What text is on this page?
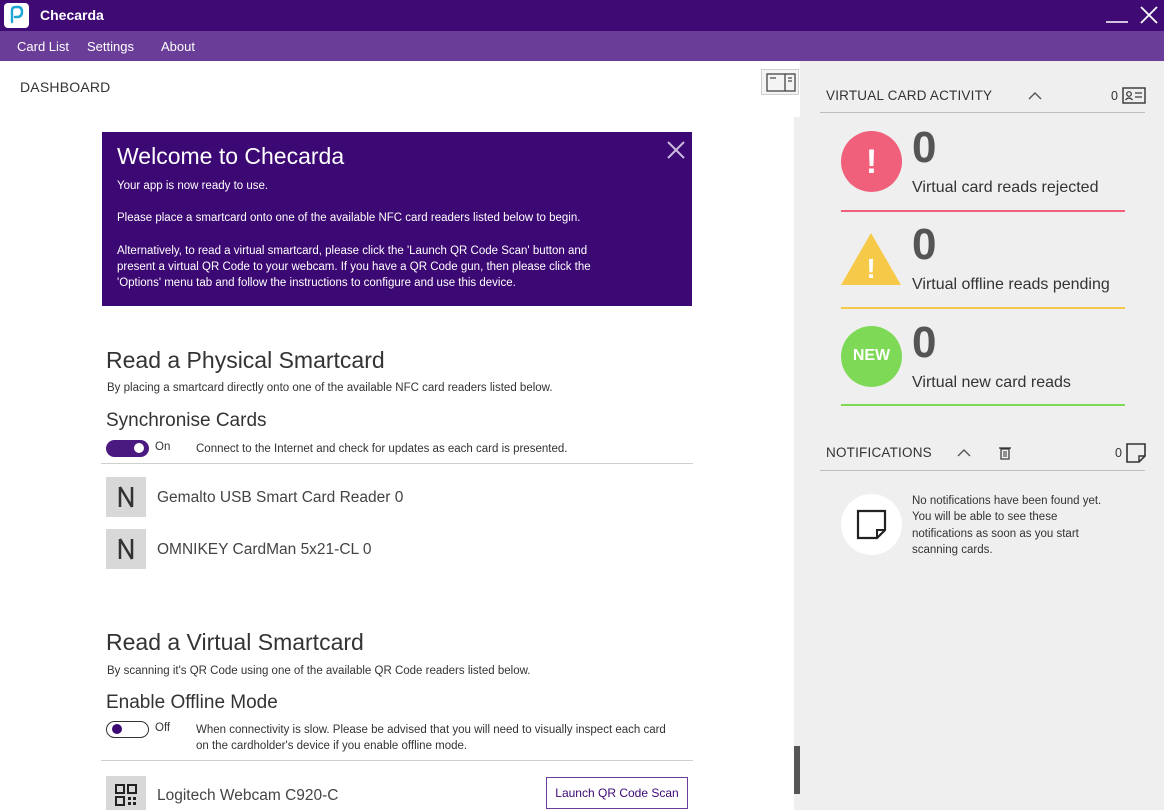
Checarda
Card List Settings About
DASHBOARD
Welcome to Checarda

Your app is now ready to use.

Please place a smartcard onto one of the available NFC card readers listed below to begin.

Alternatively, to read a virtual smartcard, please click the 'Launch QR Code Scan' button and

present a virtual QR Code to your webcam. If you have a QR Code gun, then please click the

'Options' menu tab and follow the instructions to configure and use this device.

Read a Physical Smartcard
By placing a smartcard directly onto one of the available NFC card readers listed below.
Synchronise Cards
On Connect to the Internet and check for updates as each card is presented.
Gemalto USB Smart Card Reader 0
OMNIKEY CardMan 5x21-CL 0
Read a Virtual Smartcard
By scanning it's QR Code using one of the available QR Code readers listed below.
Enable Offline Mode
Off When connectivity is slow. Please be advised that you will need to visually inspect each card
on the cardholder's device if you enable offline mode.
Logitech Webcam C920-C	Launch QR Code Scan
VIRTUAL CARD ACTIVITY	0
! 0
Virtual card reads rejected
! 0
Virtual offline reads pending
NEW 0
Virtual new card reads
NOTIFICATIONS	0
No notifications have been found yet.
You will be able to see these
notifications as soon as you start
scanning cards.
